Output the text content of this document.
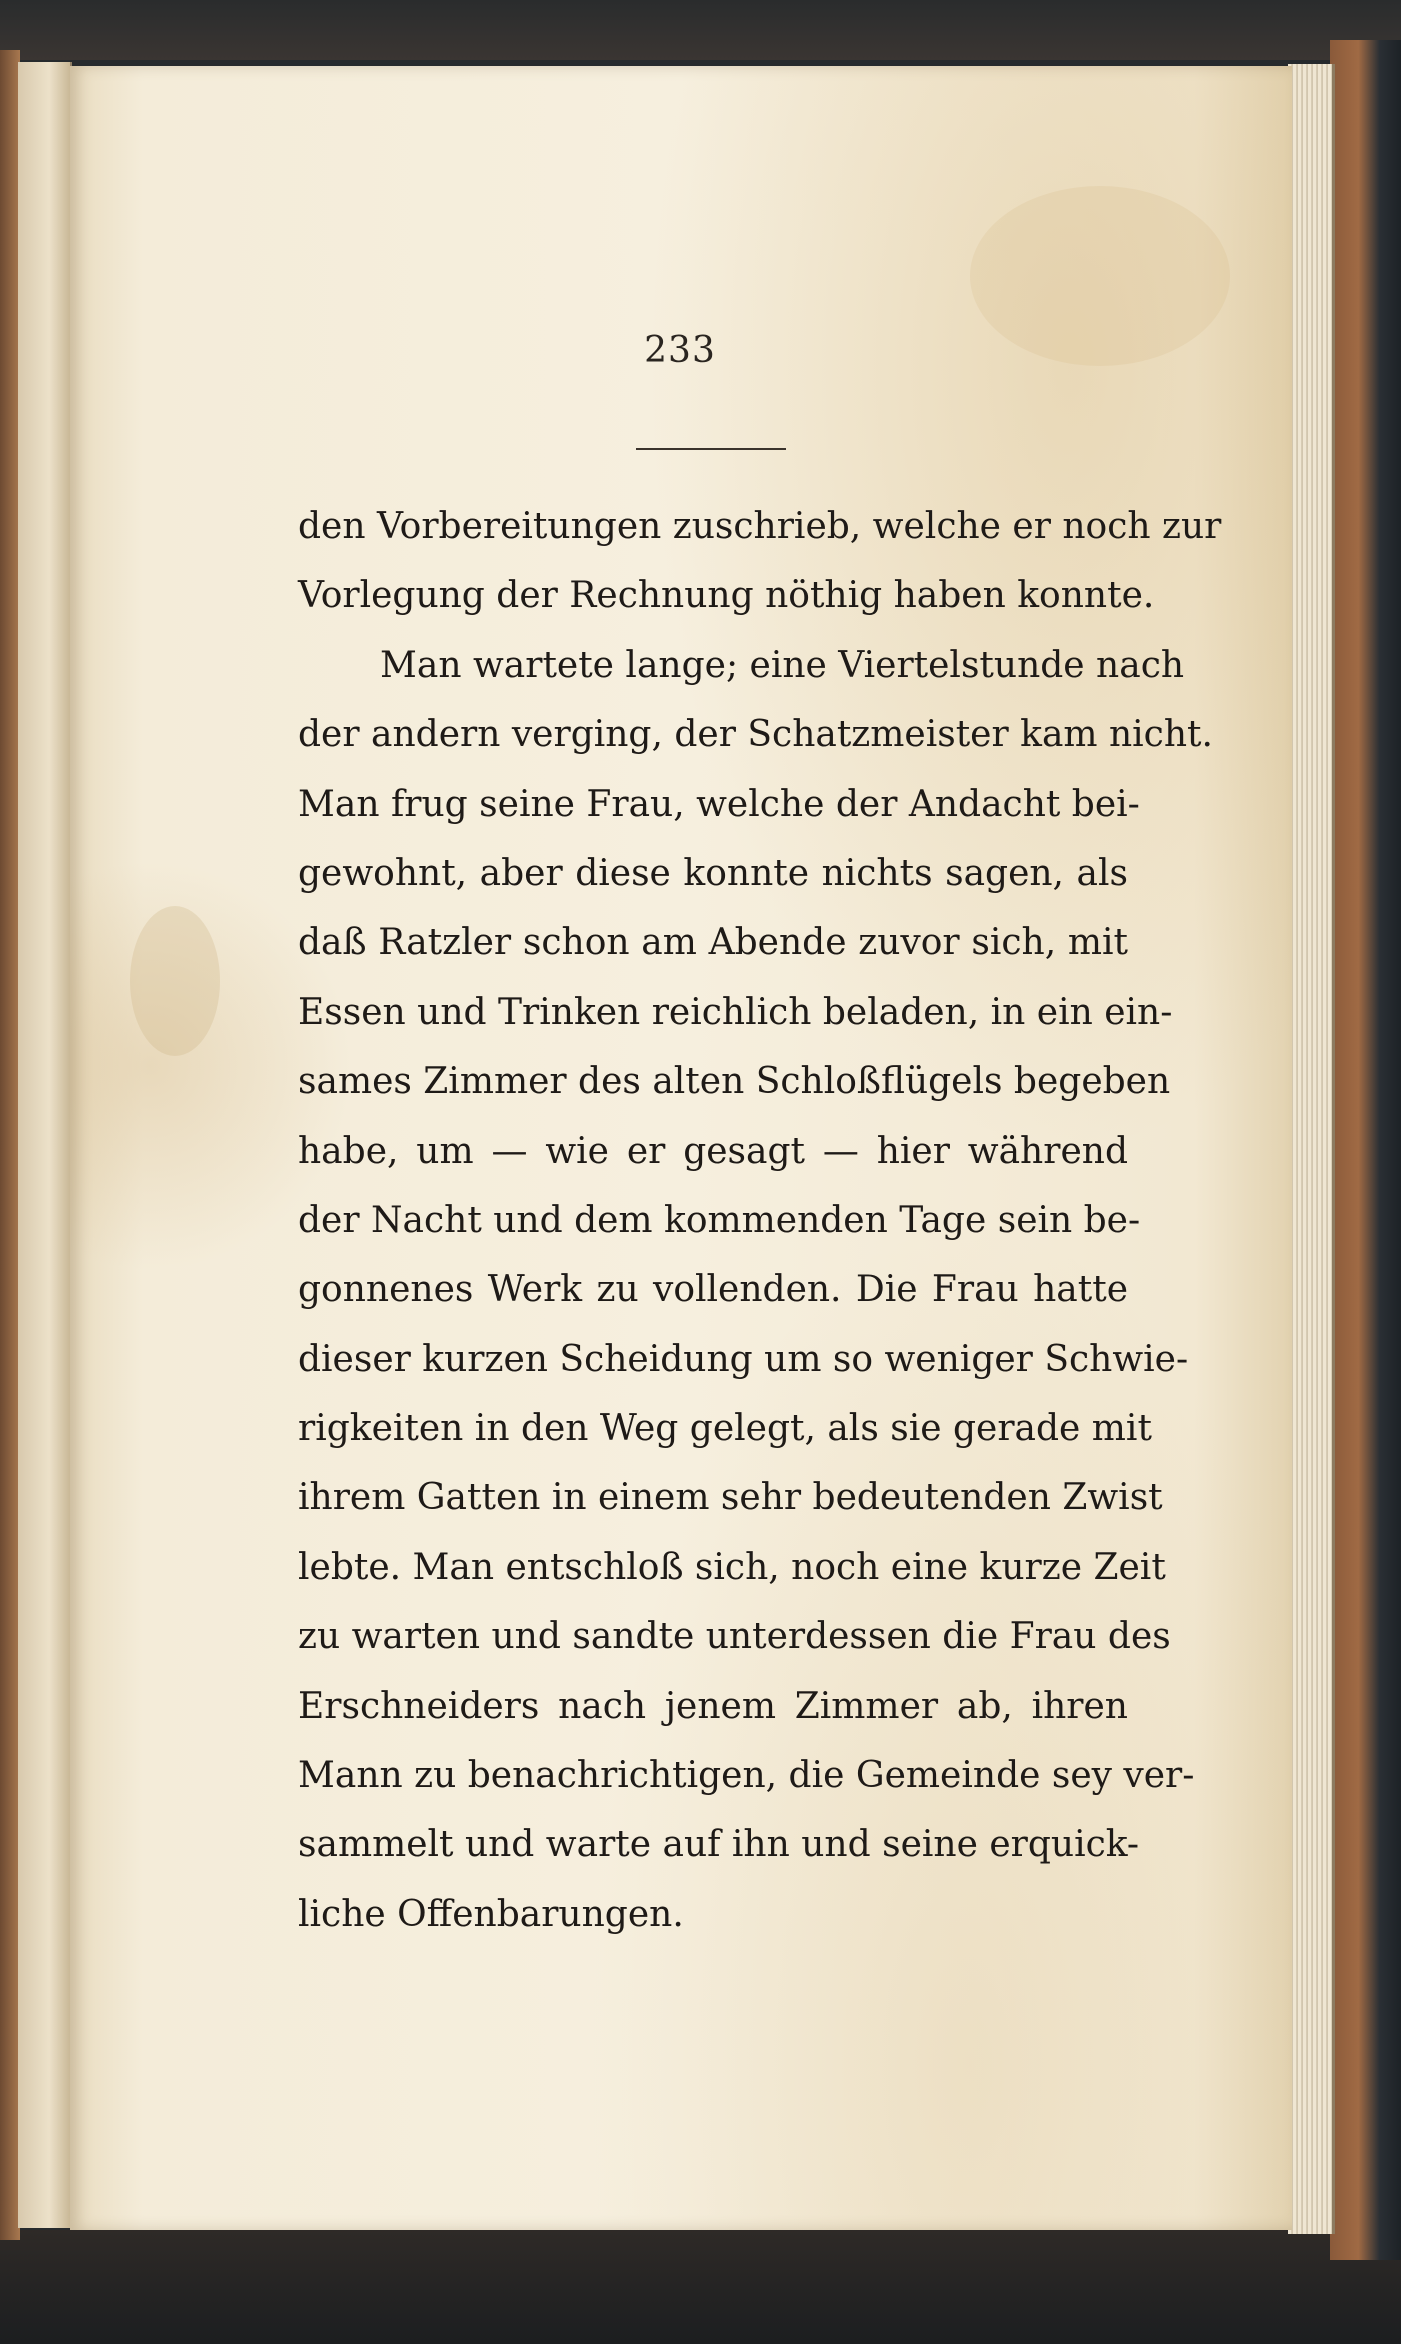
233
den Vorbereitungen zuschrieb, welche er noch zur
Vorlegung der Rechnung nöthig haben konnte.
Man wartete lange; eine Viertelstunde nach
der andern verging, der Schatzmeister kam nicht.
Man frug seine Frau, welche der Andacht bei-
gewohnt, aber diese konnte nichts sagen, als
daß Ratzler schon am Abende zuvor sich, mit
Essen und Trinken reichlich beladen, in ein ein-
sames Zimmer des alten Schloßflügels begeben
habe, um — wie er gesagt — hier während
der Nacht und dem kommenden Tage sein be-
gonnenes Werk zu vollenden. Die Frau hatte
dieser kurzen Scheidung um so weniger Schwie-
rigkeiten in den Weg gelegt, als sie gerade mit
ihrem Gatten in einem sehr bedeutenden Zwist
lebte. Man entschloß sich, noch eine kurze Zeit
zu warten und sandte unterdessen die Frau des
Erschneiders nach jenem Zimmer ab, ihren
Mann zu benachrichtigen, die Gemeinde sey ver-
sammelt und warte auf ihn und seine erquick-
liche Offenbarungen.
